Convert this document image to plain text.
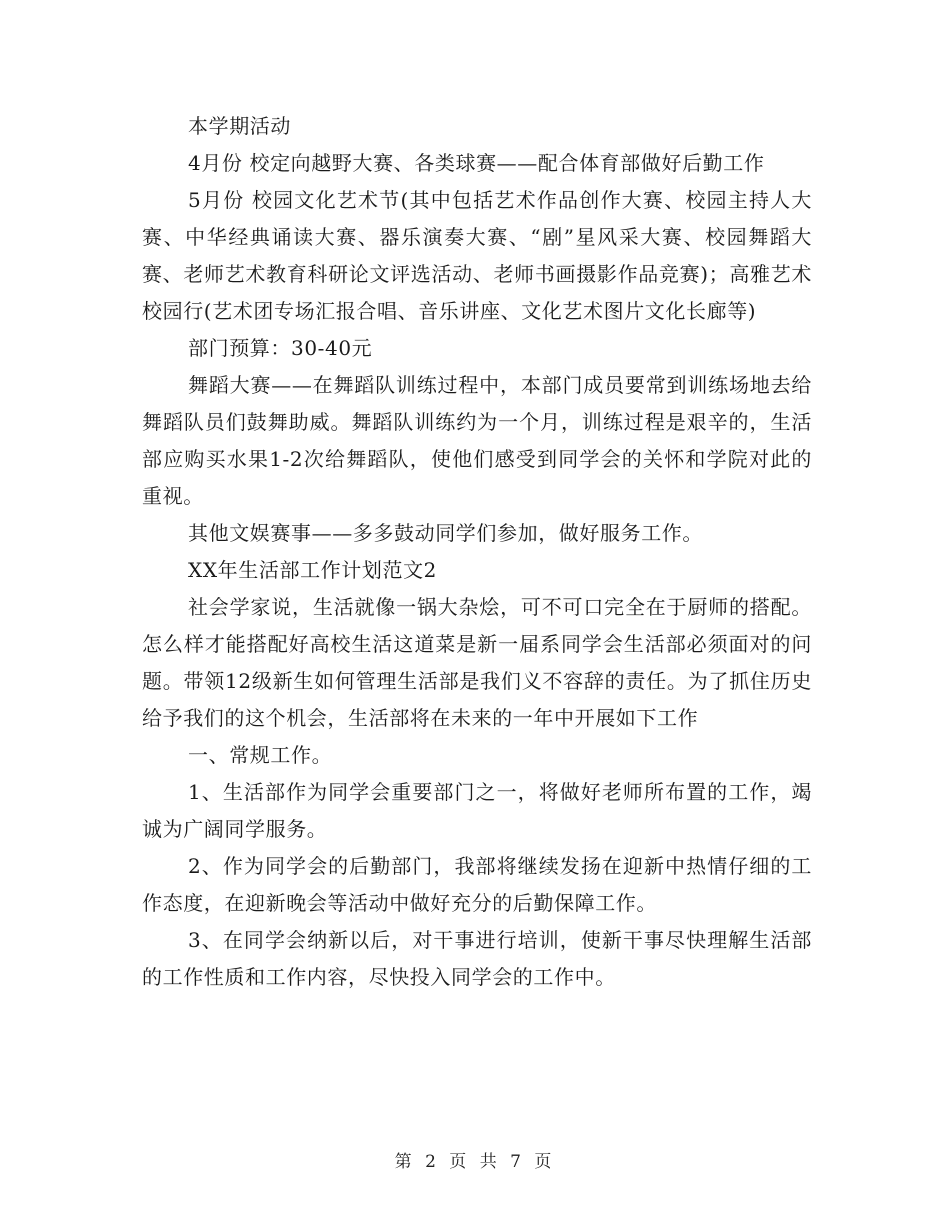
本学期活动

4月份 校定向越野大赛、各类球赛——配合体育部做好后勤工作

5月份 校园文化艺术节(其中包括艺术作品创作大赛、校园主持人大赛、中华经典诵读大赛、器乐演奏大赛、“剧”星风采大赛、校园舞蹈大赛、老师艺术教育科研论文评选活动、老师书画摄影作品竞赛)；高雅艺术校园行(艺术团专场汇报合唱、音乐讲座、文化艺术图片文化长廊等)

部门预算：30-40元

舞蹈大赛——在舞蹈队训练过程中，本部门成员要常到训练场地去给舞蹈队员们鼓舞助威。舞蹈队训练约为一个月，训练过程是艰辛的，生活部应购买水果1-2次给舞蹈队，使他们感受到同学会的关怀和学院对此的重视。

其他文娱赛事——多多鼓动同学们参加，做好服务工作。

XX年生活部工作计划范文2

社会学家说，生活就像一锅大杂烩，可不可口完全在于厨师的搭配。怎么样才能搭配好高校生活这道菜是新一届系同学会生活部必须面对的问题。带领12级新生如何管理生活部是我们义不容辞的责任。为了抓住历史给予我们的这个机会，生活部将在未来的一年中开展如下工作

一、常规工作。

1、生活部作为同学会重要部门之一，将做好老师所布置的工作，竭诚为广阔同学服务。

2、作为同学会的后勤部门，我部将继续发扬在迎新中热情仔细的工作态度，在迎新晚会等活动中做好充分的后勤保障工作。

3、在同学会纳新以后，对干事进行培训，使新干事尽快理解生活部的工作性质和工作内容，尽快投入同学会的工作中。

第 2 页 共 7 页
